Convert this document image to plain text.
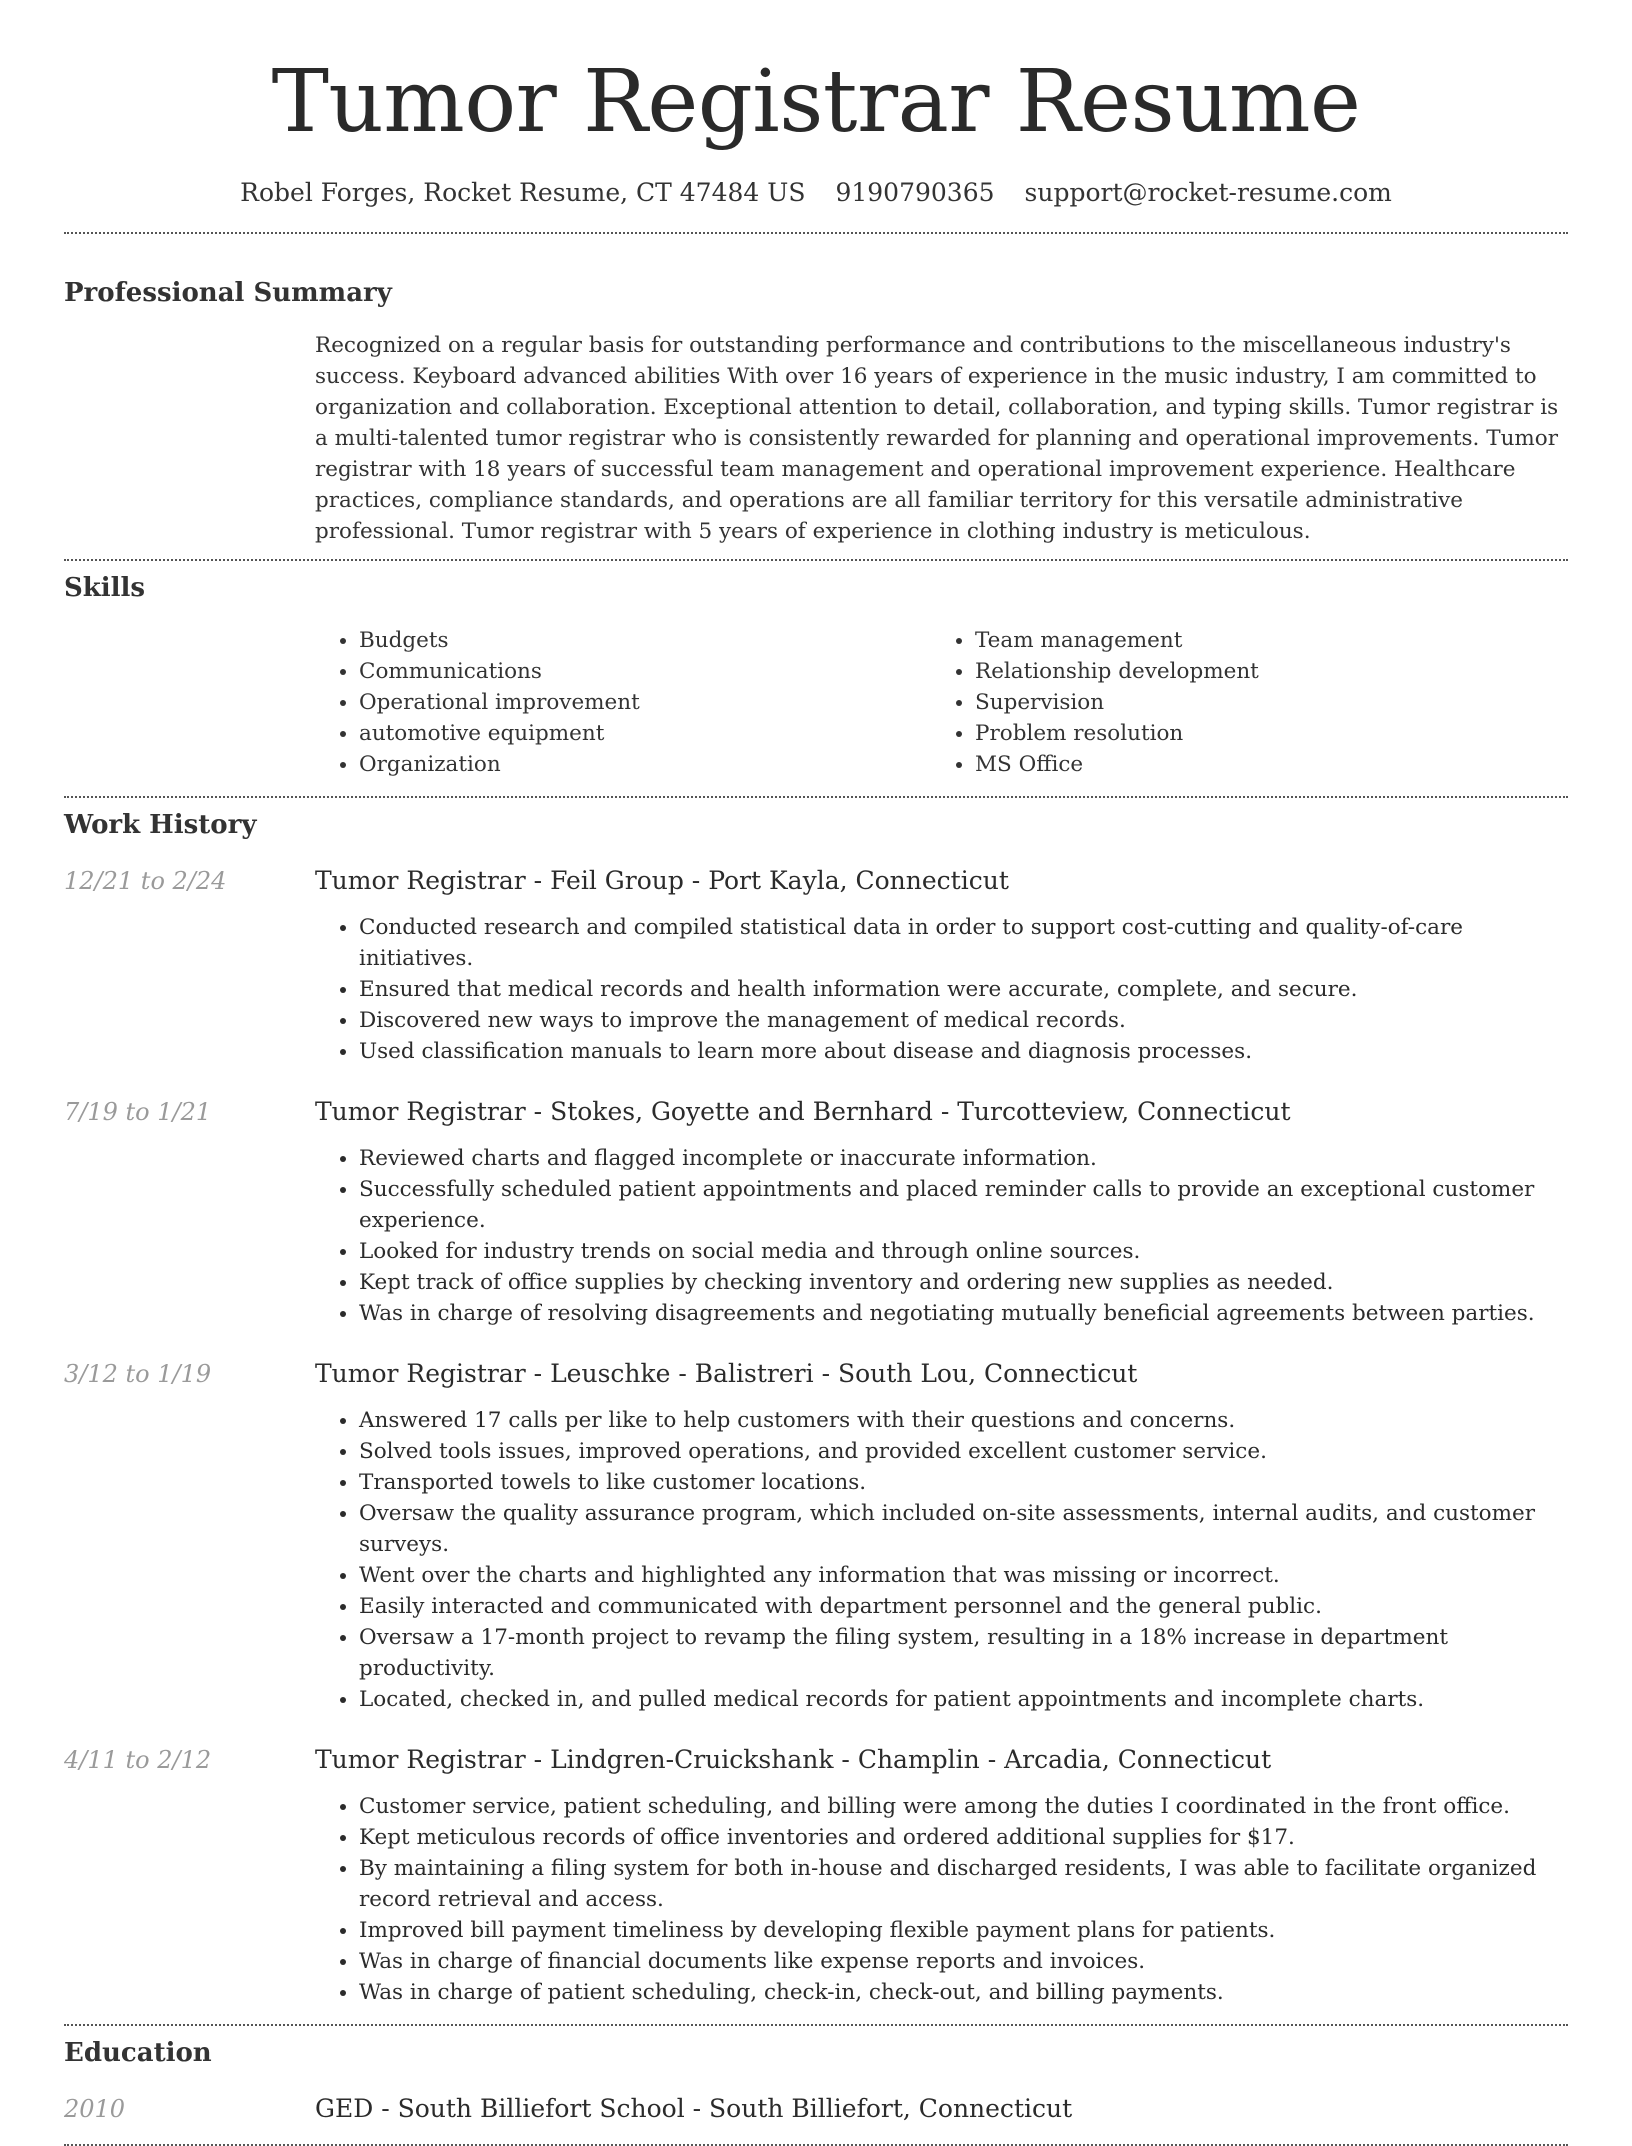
Tumor Registrar Resume
Robel Forges, Rocket Resume, CT 47484 US 9190790365 support@rocket-resume.com
Professional Summary

Recognized on a regular basis for outstanding performance and contributions to the miscellaneous industry's success. Keyboard advanced abilities With over 16 years of experience in the music industry, I am committed to organization and collaboration. Exceptional attention to detail, collaboration, and typing skills. Tumor registrar is a multi-talented tumor registrar who is consistently rewarded for planning and operational improvements. Tumor registrar with 18 years of successful team management and operational improvement experience. Healthcare practices, compliance standards, and operations are all familiar territory for this versatile administrative professional. Tumor registrar with 5 years of experience in clothing industry is meticulous.

Skills
• Budgets
• Communications
• Operational improvement
• automotive equipment
• Organization
• Team management
• Relationship development
• Supervision
• Problem resolution
• MS Office
Work History
12/21 to 2/24	Tumor Registrar - Feil Group - Port Kayla, Connecticut
• Conducted research and compiled statistical data in order to support cost-cutting and quality-of-care initiatives.
• Ensured that medical records and health information were accurate, complete, and secure.
• Discovered new ways to improve the management of medical records.
• Used classification manuals to learn more about disease and diagnosis processes.
7/19 to 1/21	Tumor Registrar - Stokes, Goyette and Bernhard - Turcotteview, Connecticut
• Reviewed charts and flagged incomplete or inaccurate information.
• Successfully scheduled patient appointments and placed reminder calls to provide an exceptional customer experience.
• Looked for industry trends on social media and through online sources.
• Kept track of office supplies by checking inventory and ordering new supplies as needed.
• Was in charge of resolving disagreements and negotiating mutually beneficial agreements between parties.
3/12 to 1/19	Tumor Registrar - Leuschke - Balistreri - South Lou, Connecticut
• Answered 17 calls per like to help customers with their questions and concerns.
• Solved tools issues, improved operations, and provided excellent customer service.
• Transported towels to like customer locations.
• Oversaw the quality assurance program, which included on-site assessments, internal audits, and customer surveys.
• Went over the charts and highlighted any information that was missing or incorrect.
• Easily interacted and communicated with department personnel and the general public.
• Oversaw a 17-month project to revamp the filing system, resulting in a 18% increase in department productivity.
• Located, checked in, and pulled medical records for patient appointments and incomplete charts.
4/11 to 2/12	Tumor Registrar - Lindgren-Cruickshank - Champlin - Arcadia, Connecticut
• Customer service, patient scheduling, and billing were among the duties I coordinated in the front office.
• Kept meticulous records of office inventories and ordered additional supplies for $17.
• By maintaining a filing system for both in-house and discharged residents, I was able to facilitate organized record retrieval and access.
• Improved bill payment timeliness by developing flexible payment plans for patients.
• Was in charge of financial documents like expense reports and invoices.
• Was in charge of patient scheduling, check-in, check-out, and billing payments.
Education
2010	GED - South Billiefort School - South Billiefort, Connecticut
